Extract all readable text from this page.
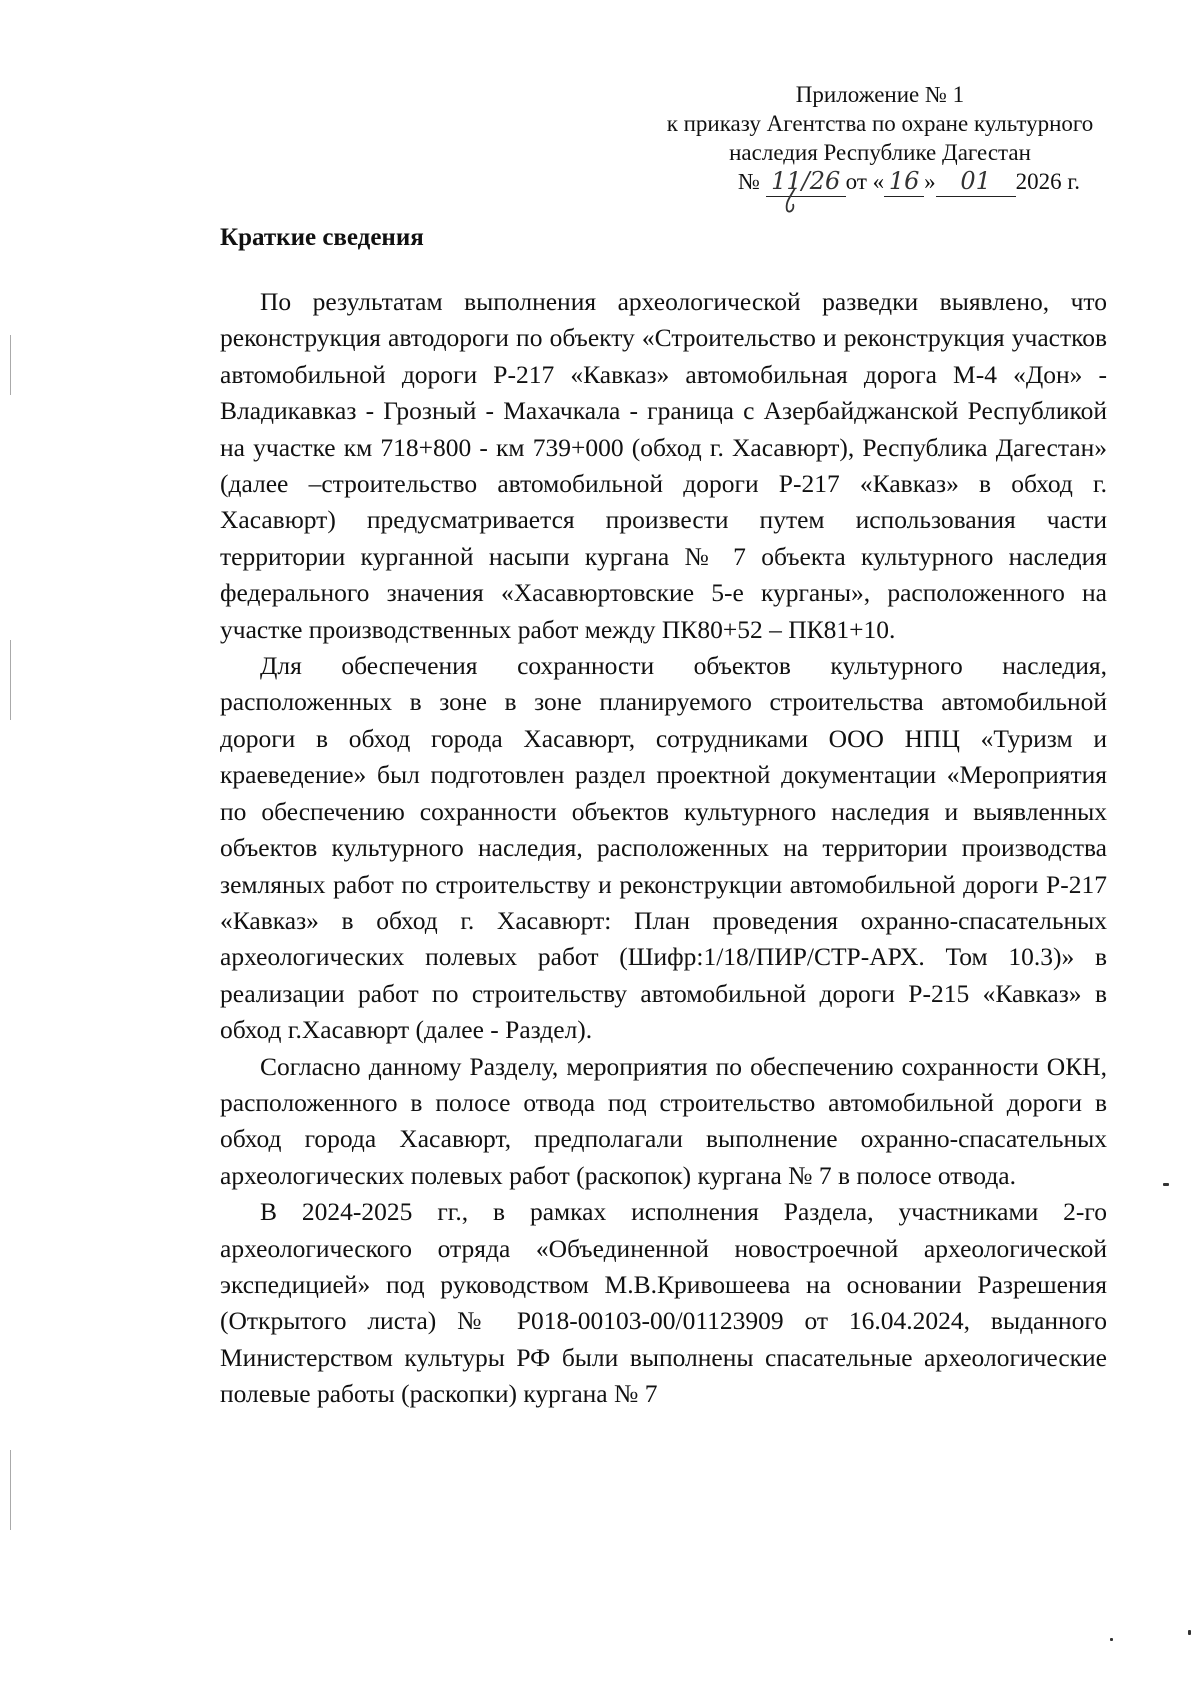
Приложение № 1
к приказу Агентства по охране культурного
наследия Республике Дагестан
№ 11/26 от « 16 » 01 2026 г.
Краткие сведения

По результатам выполнения археологической разведки выявлено, что реконструкция автодороги по объекту «Строительство и реконструкция участков автомобильной дороги Р-217 «Кавказ» автомобильная дорога М-4 «Дон» - Владикавказ - Грозный - Махачкала - граница с Азербайджанской Республикой на участке км 718+800 - км 739+000 (обход г. Хасавюрт), Республика Дагестан» (далее –строительство автомобильной дороги Р-217 «Кавказ» в обход г. Хасавюрт) предусматривается произвести путем использования части территории курганной насыпи кургана № 7 объекта культурного наследия федерального значения «Хасавюртовские 5-е курганы», расположенного на участке производственных работ между ПК80+52 – ПК81+10.

Для обеспечения сохранности объектов культурного наследия, расположенных в зоне в зоне планируемого строительства автомобильной дороги в обход города Хасавюрт, сотрудниками ООО НПЦ «Туризм и краеведение» был подготовлен раздел проектной документации «Мероприятия по обеспечению сохранности объектов культурного наследия и выявленных объектов культурного наследия, расположенных на территории производства земляных работ по строительству и реконструкции автомобильной дороги Р-217 «Кавказ» в обход г. Хасавюрт: План проведения охранно-спасательных археологических полевых работ (Шифр:1/18/ПИР/СТР-АРХ. Том 10.3)» в реализации работ по строительству автомобильной дороги Р-215 «Кавказ» в обход г.Хасавюрт (далее - Раздел).

Согласно данному Разделу, мероприятия по обеспечению сохранности ОКН, расположенного в полосе отвода под строительство автомобильной дороги в обход города Хасавюрт, предполагали выполнение охранно-спасательных археологических полевых работ (раскопок) кургана № 7 в полосе отвода.

В 2024-2025 гг., в рамках исполнения Раздела, участниками 2-го археологического отряда «Объединенной новостроечной археологической экспедицией» под руководством М.В.Кривошеева на основании Разрешения (Открытого листа) № Р018-00103-00/01123909 от 16.04.2024, выданного Министерством культуры РФ были выполнены спасательные археологические полевые работы (раскопки) кургана № 7
